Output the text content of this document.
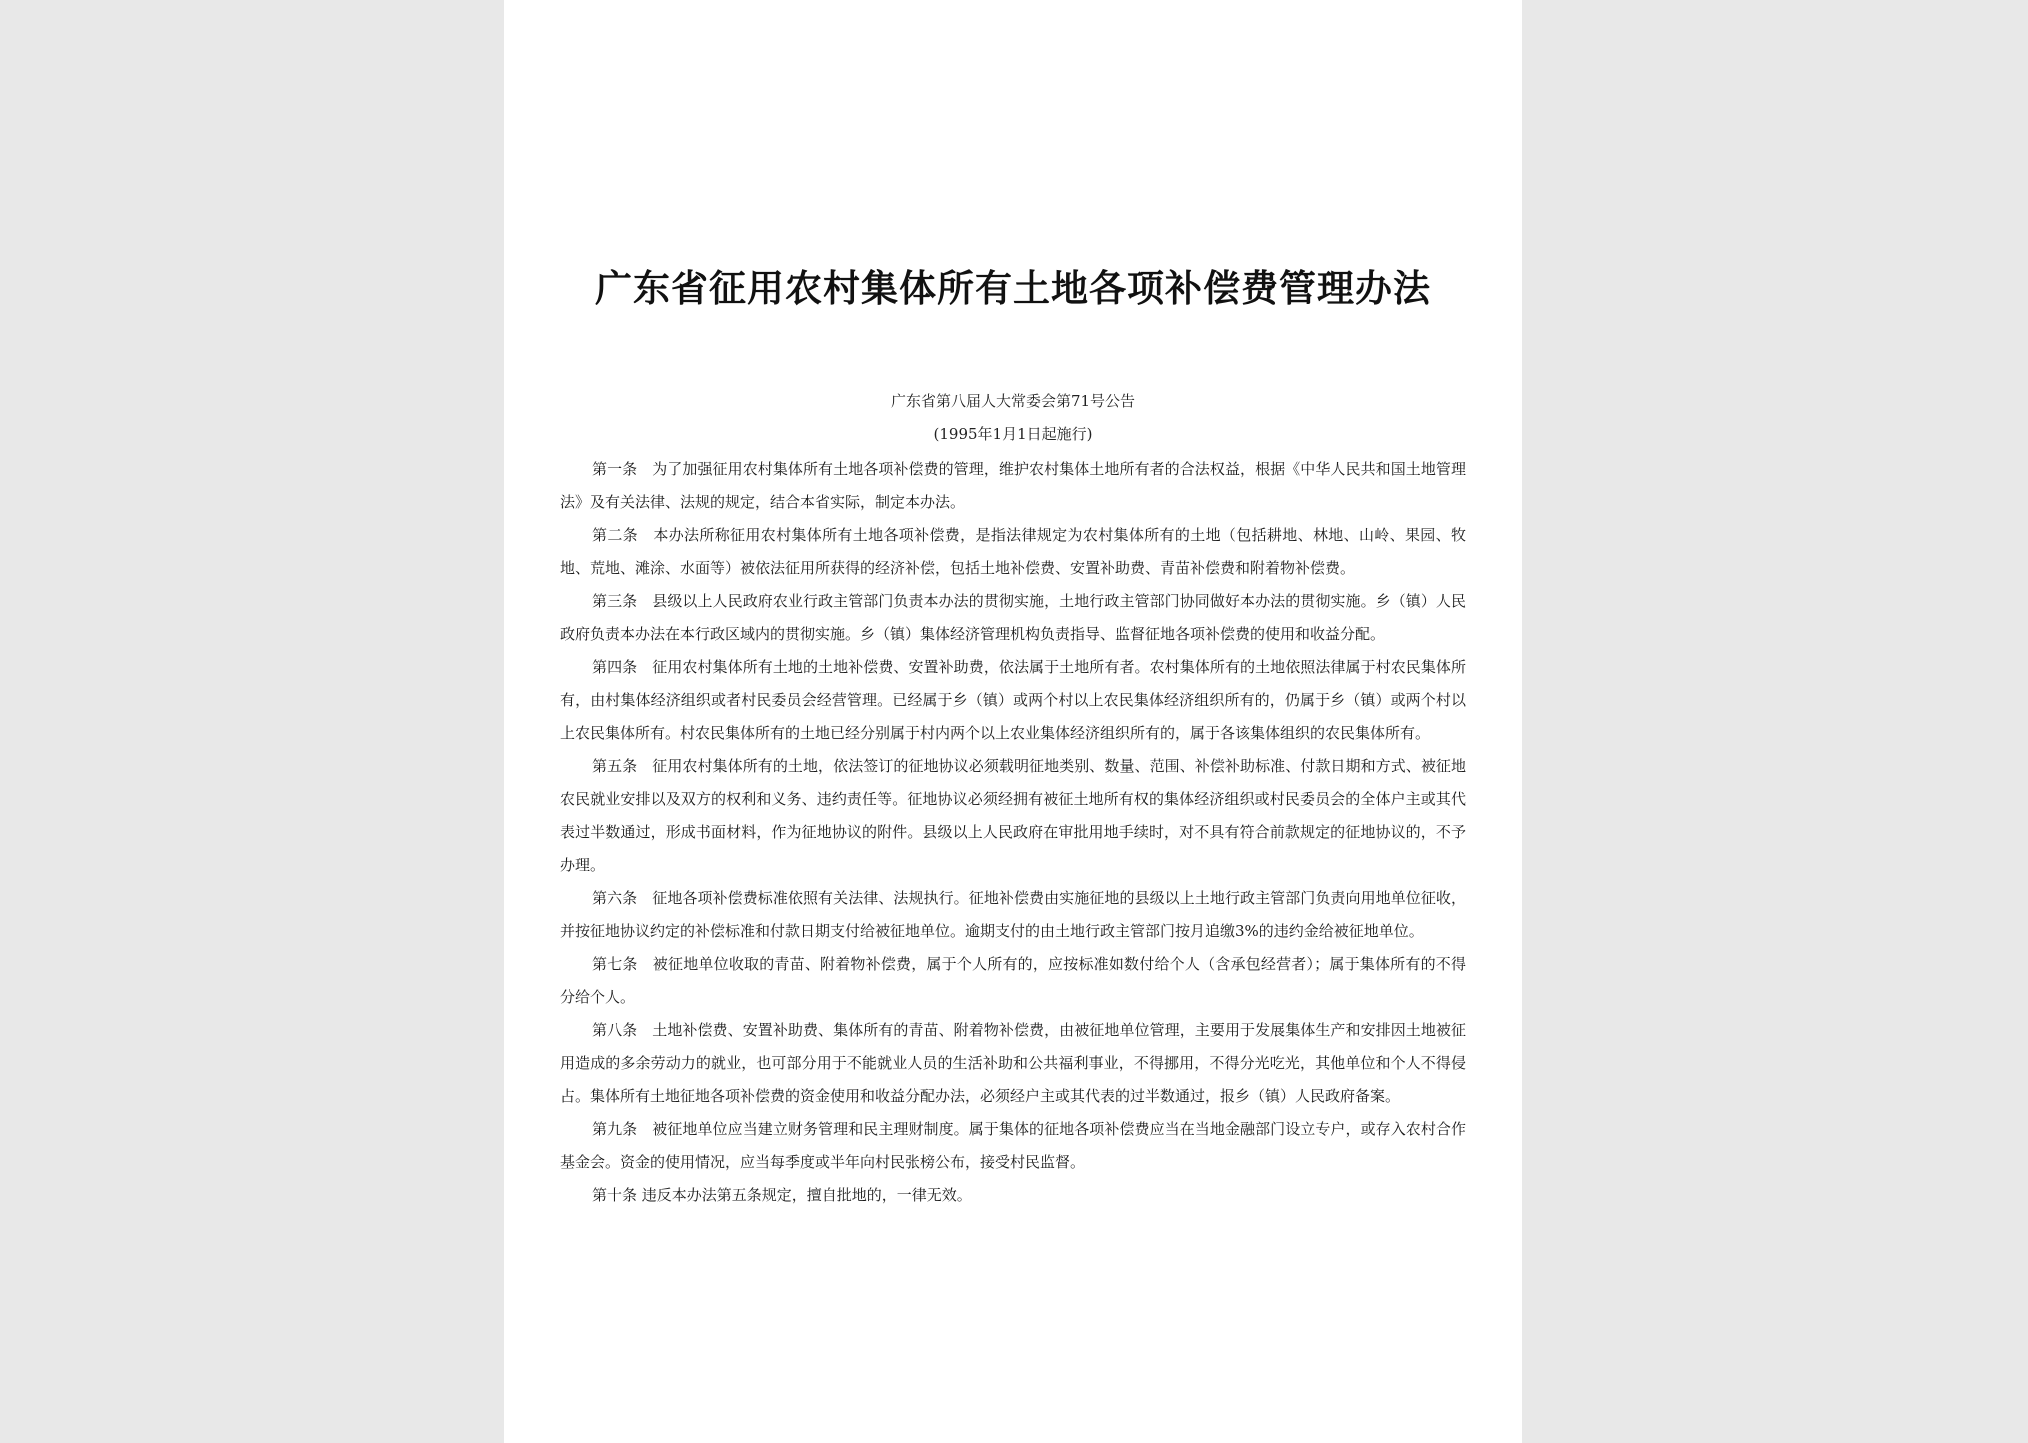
广东省征用农村集体所有土地各项补偿费管理办法
广东省第八届人大常委会第71号公告
(1995年1月1日起施行)

第一条　为了加强征用农村集体所有土地各项补偿费的管理，维护农村集体土地所有者的合法权益，根据《中华人民共和国土地管理法》及有关法律、法规的规定，结合本省实际，制定本办法。

第二条　本办法所称征用农村集体所有土地各项补偿费，是指法律规定为农村集体所有的土地（包括耕地、林地、山岭、果园、牧地、荒地、滩涂、水面等）被依法征用所获得的经济补偿，包括土地补偿费、安置补助费、青苗补偿费和附着物补偿费。

第三条　县级以上人民政府农业行政主管部门负责本办法的贯彻实施，土地行政主管部门协同做好本办法的贯彻实施。乡（镇）人民政府负责本办法在本行政区域内的贯彻实施。乡（镇）集体经济管理机构负责指导、监督征地各项补偿费的使用和收益分配。

第四条　征用农村集体所有土地的土地补偿费、安置补助费，依法属于土地所有者。农村集体所有的土地依照法律属于村农民集体所有，由村集体经济组织或者村民委员会经营管理。已经属于乡（镇）或两个村以上农民集体经济组织所有的，仍属于乡（镇）或两个村以上农民集体所有。村农民集体所有的土地已经分别属于村内两个以上农业集体经济组织所有的，属于各该集体组织的农民集体所有。

第五条　征用农村集体所有的土地，依法签订的征地协议必须载明征地类别、数量、范围、补偿补助标准、付款日期和方式、被征地农民就业安排以及双方的权利和义务、违约责任等。征地协议必须经拥有被征土地所有权的集体经济组织或村民委员会的全体户主或其代表过半数通过，形成书面材料，作为征地协议的附件。县级以上人民政府在审批用地手续时，对不具有符合前款规定的征地协议的，不予办理。

第六条　征地各项补偿费标准依照有关法律、法规执行。征地补偿费由实施征地的县级以上土地行政主管部门负责向用地单位征收，并按征地协议约定的补偿标准和付款日期支付给被征地单位。逾期支付的由土地行政主管部门按月追缴3%的违约金给被征地单位。

第七条　被征地单位收取的青苗、附着物补偿费，属于个人所有的，应按标准如数付给个人（含承包经营者）；属于集体所有的不得分给个人。

第八条　土地补偿费、安置补助费、集体所有的青苗、附着物补偿费，由被征地单位管理，主要用于发展集体生产和安排因土地被征用造成的多余劳动力的就业，也可部分用于不能就业人员的生活补助和公共福利事业，不得挪用，不得分光吃光，其他单位和个人不得侵占。集体所有土地征地各项补偿费的资金使用和收益分配办法，必须经户主或其代表的过半数通过，报乡（镇）人民政府备案。

第九条　被征地单位应当建立财务管理和民主理财制度。属于集体的征地各项补偿费应当在当地金融部门设立专户，或存入农村合作基金会。资金的使用情况，应当每季度或半年向村民张榜公布，接受村民监督。

第十条 违反本办法第五条规定，擅自批地的，一律无效。
